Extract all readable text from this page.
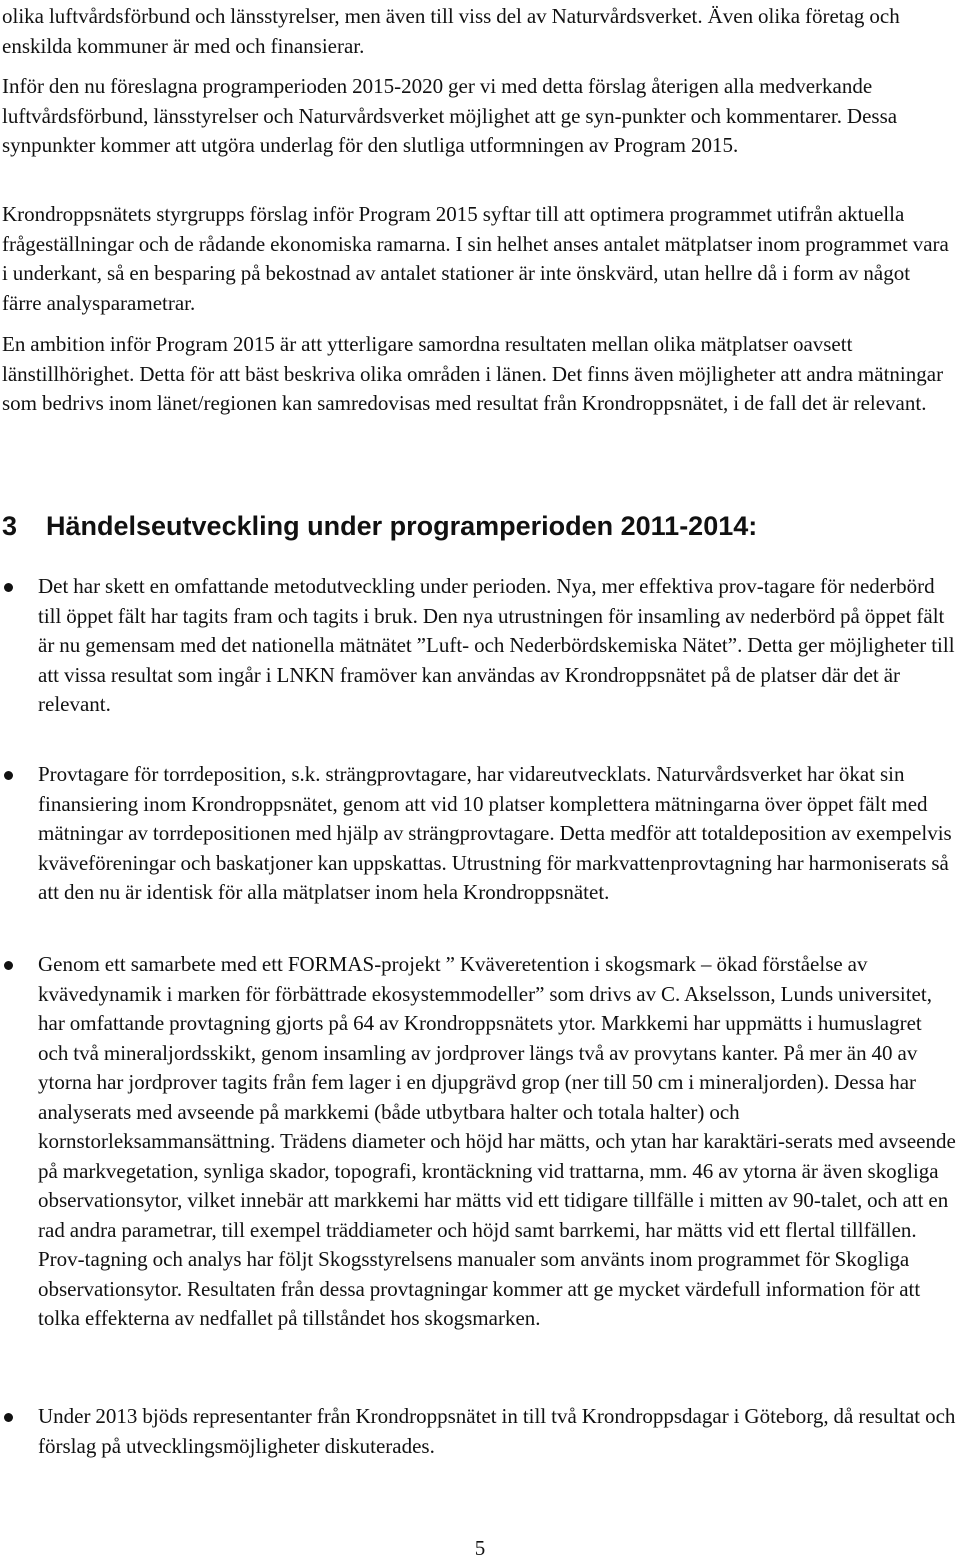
olika luftvårdsförbund och länsstyrelser, men även till viss del av Naturvårdsverket. Även olika företag och enskilda kommuner är med och finansierar.

Inför den nu föreslagna programperioden 2015-2020 ger vi med detta förslag återigen alla medverkande luftvårdsförbund, länsstyrelser och Naturvårdsverket möjlighet att ge syn-punkter och kommentarer. Dessa synpunkter kommer att utgöra underlag för den slutliga utformningen av Program 2015.

Krondroppsnätets styrgrupps förslag inför Program 2015 syftar till att optimera programmet utifrån aktuella frågeställningar och de rådande ekonomiska ramarna. I sin helhet anses antalet mätplatser inom programmet vara i underkant, så en besparing på bekostnad av antalet stationer är inte önskvärd, utan hellre då i form av något färre analysparametrar.

En ambition inför Program 2015 är att ytterligare samordna resultaten mellan olika mätplatser oavsett länstillhörighet. Detta för att bäst beskriva olika områden i länen. Det finns även möjligheter att andra mätningar som bedrivs inom länet/regionen kan samredovisas med resultat från Krondroppsnätet, i de fall det är relevant.

3 Händelseutveckling under programperioden 2011-2014:

Det har skett en omfattande metodutveckling under perioden. Nya, mer effektiva prov-tagare för nederbörd till öppet fält har tagits fram och tagits i bruk. Den nya utrustningen för insamling av nederbörd på öppet fält är nu gemensam med det nationella mätnätet ”Luft- och Nederbördskemiska Nätet”. Detta ger möjligheter till att vissa resultat som ingår i LNKN framöver kan användas av Krondroppsnätet på de platser där det är relevant.

Provtagare för torrdeposition, s.k. strängprovtagare, har vidareutvecklats. Naturvårdsverket har ökat sin finansiering inom Krondroppsnätet, genom att vid 10 platser komplettera mätningarna över öppet fält med mätningar av torrdepositionen med hjälp av strängprovtagare. Detta medför att totaldeposition av exempelvis kväveföreningar och baskatjoner kan uppskattas. Utrustning för markvattenprovtagning har harmoniserats så att den nu är identisk för alla mätplatser inom hela Krondroppsnätet.

Genom ett samarbete med ett FORMAS-projekt ” Kväveretention i skogsmark – ökad förståelse av kvävedynamik i marken för förbättrade ekosystemmodeller” som drivs av C. Akselsson, Lunds universitet, har omfattande provtagning gjorts på 64 av Krondroppsnätets ytor. Markkemi har uppmätts i humuslagret och två mineraljordsskikt, genom insamling av jordprover längs två av provytans kanter. På mer än 40 av ytorna har jordprover tagits från fem lager i en djupgrävd grop (ner till 50 cm i mineraljorden). Dessa har analyserats med avseende på markkemi (både utbytbara halter och totala halter) och kornstorleksammansättning. Trädens diameter och höjd har mätts, och ytan har karaktäri-serats med avseende på markvegetation, synliga skador, topografi, krontäckning vid trattarna, mm. 46 av ytorna är även skogliga observationsytor, vilket innebär att markkemi har mätts vid ett tidigare tillfälle i mitten av 90-talet, och att en rad andra parametrar, till exempel träddiameter och höjd samt barrkemi, har mätts vid ett flertal tillfällen. Prov-tagning och analys har följt Skogsstyrelsens manualer som använts inom programmet för Skogliga observationsytor. Resultaten från dessa provtagningar kommer att ge mycket värdefull information för att tolka effekterna av nedfallet på tillståndet hos skogsmarken.

Under 2013 bjöds representanter från Krondroppsnätet in till två Krondroppsdagar i Göteborg, då resultat och förslag på utvecklingsmöjligheter diskuterades.

5
